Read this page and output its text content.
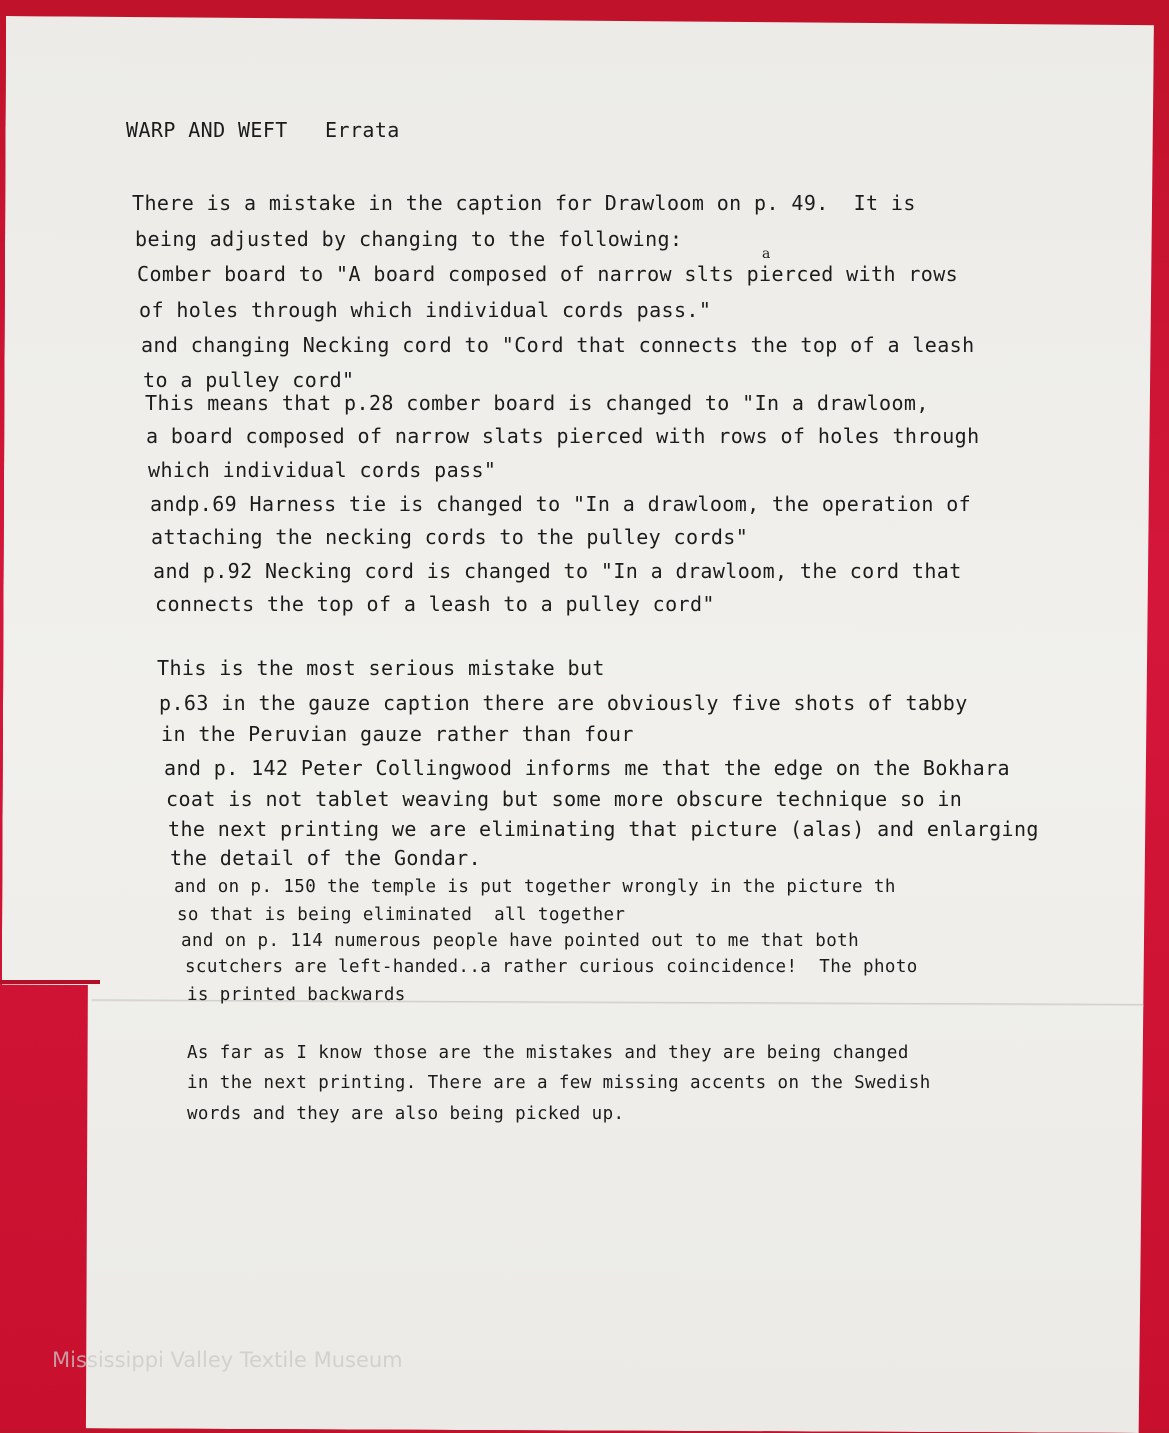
WARP AND WEFT   Errata
There is a mistake in the caption for Drawloom on p. 49.  It is
being adjusted by changing to the following:
Comber board to "A board composed of narrow slts pierced with rows
a
of holes through which individual cords pass."
and changing Necking cord to "Cord that connects the top of a leash
to a pulley cord"
This means that p.28 comber board is changed to "In a drawloom,
a board composed of narrow slats pierced with rows of holes through
which individual cords pass"
andp.69 Harness tie is changed to "In a drawloom, the operation of
attaching the necking cords to the pulley cords"
and p.92 Necking cord is changed to "In a drawloom, the cord that
connects the top of a leash to a pulley cord"
This is the most serious mistake but
p.63 in the gauze caption there are obviously five shots of tabby
in the Peruvian gauze rather than four
and p. 142 Peter Collingwood informs me that the edge on the Bokhara
coat is not tablet weaving but some more obscure technique so in
the next printing we are eliminating that picture (alas) and enlarging
the detail of the Gondar.
and on p. 150 the temple is put together wrongly in the picture th
so that is being eliminated  all together
and on p. 114 numerous people have pointed out to me that both
scutchers are left-handed..a rather curious coincidence!  The photo
is printed backwards
As far as I know those are the mistakes and they are being changed
in the next printing. There are a few missing accents on the Swedish
words and they are also being picked up.
Mississippi Valley Textile Museum
